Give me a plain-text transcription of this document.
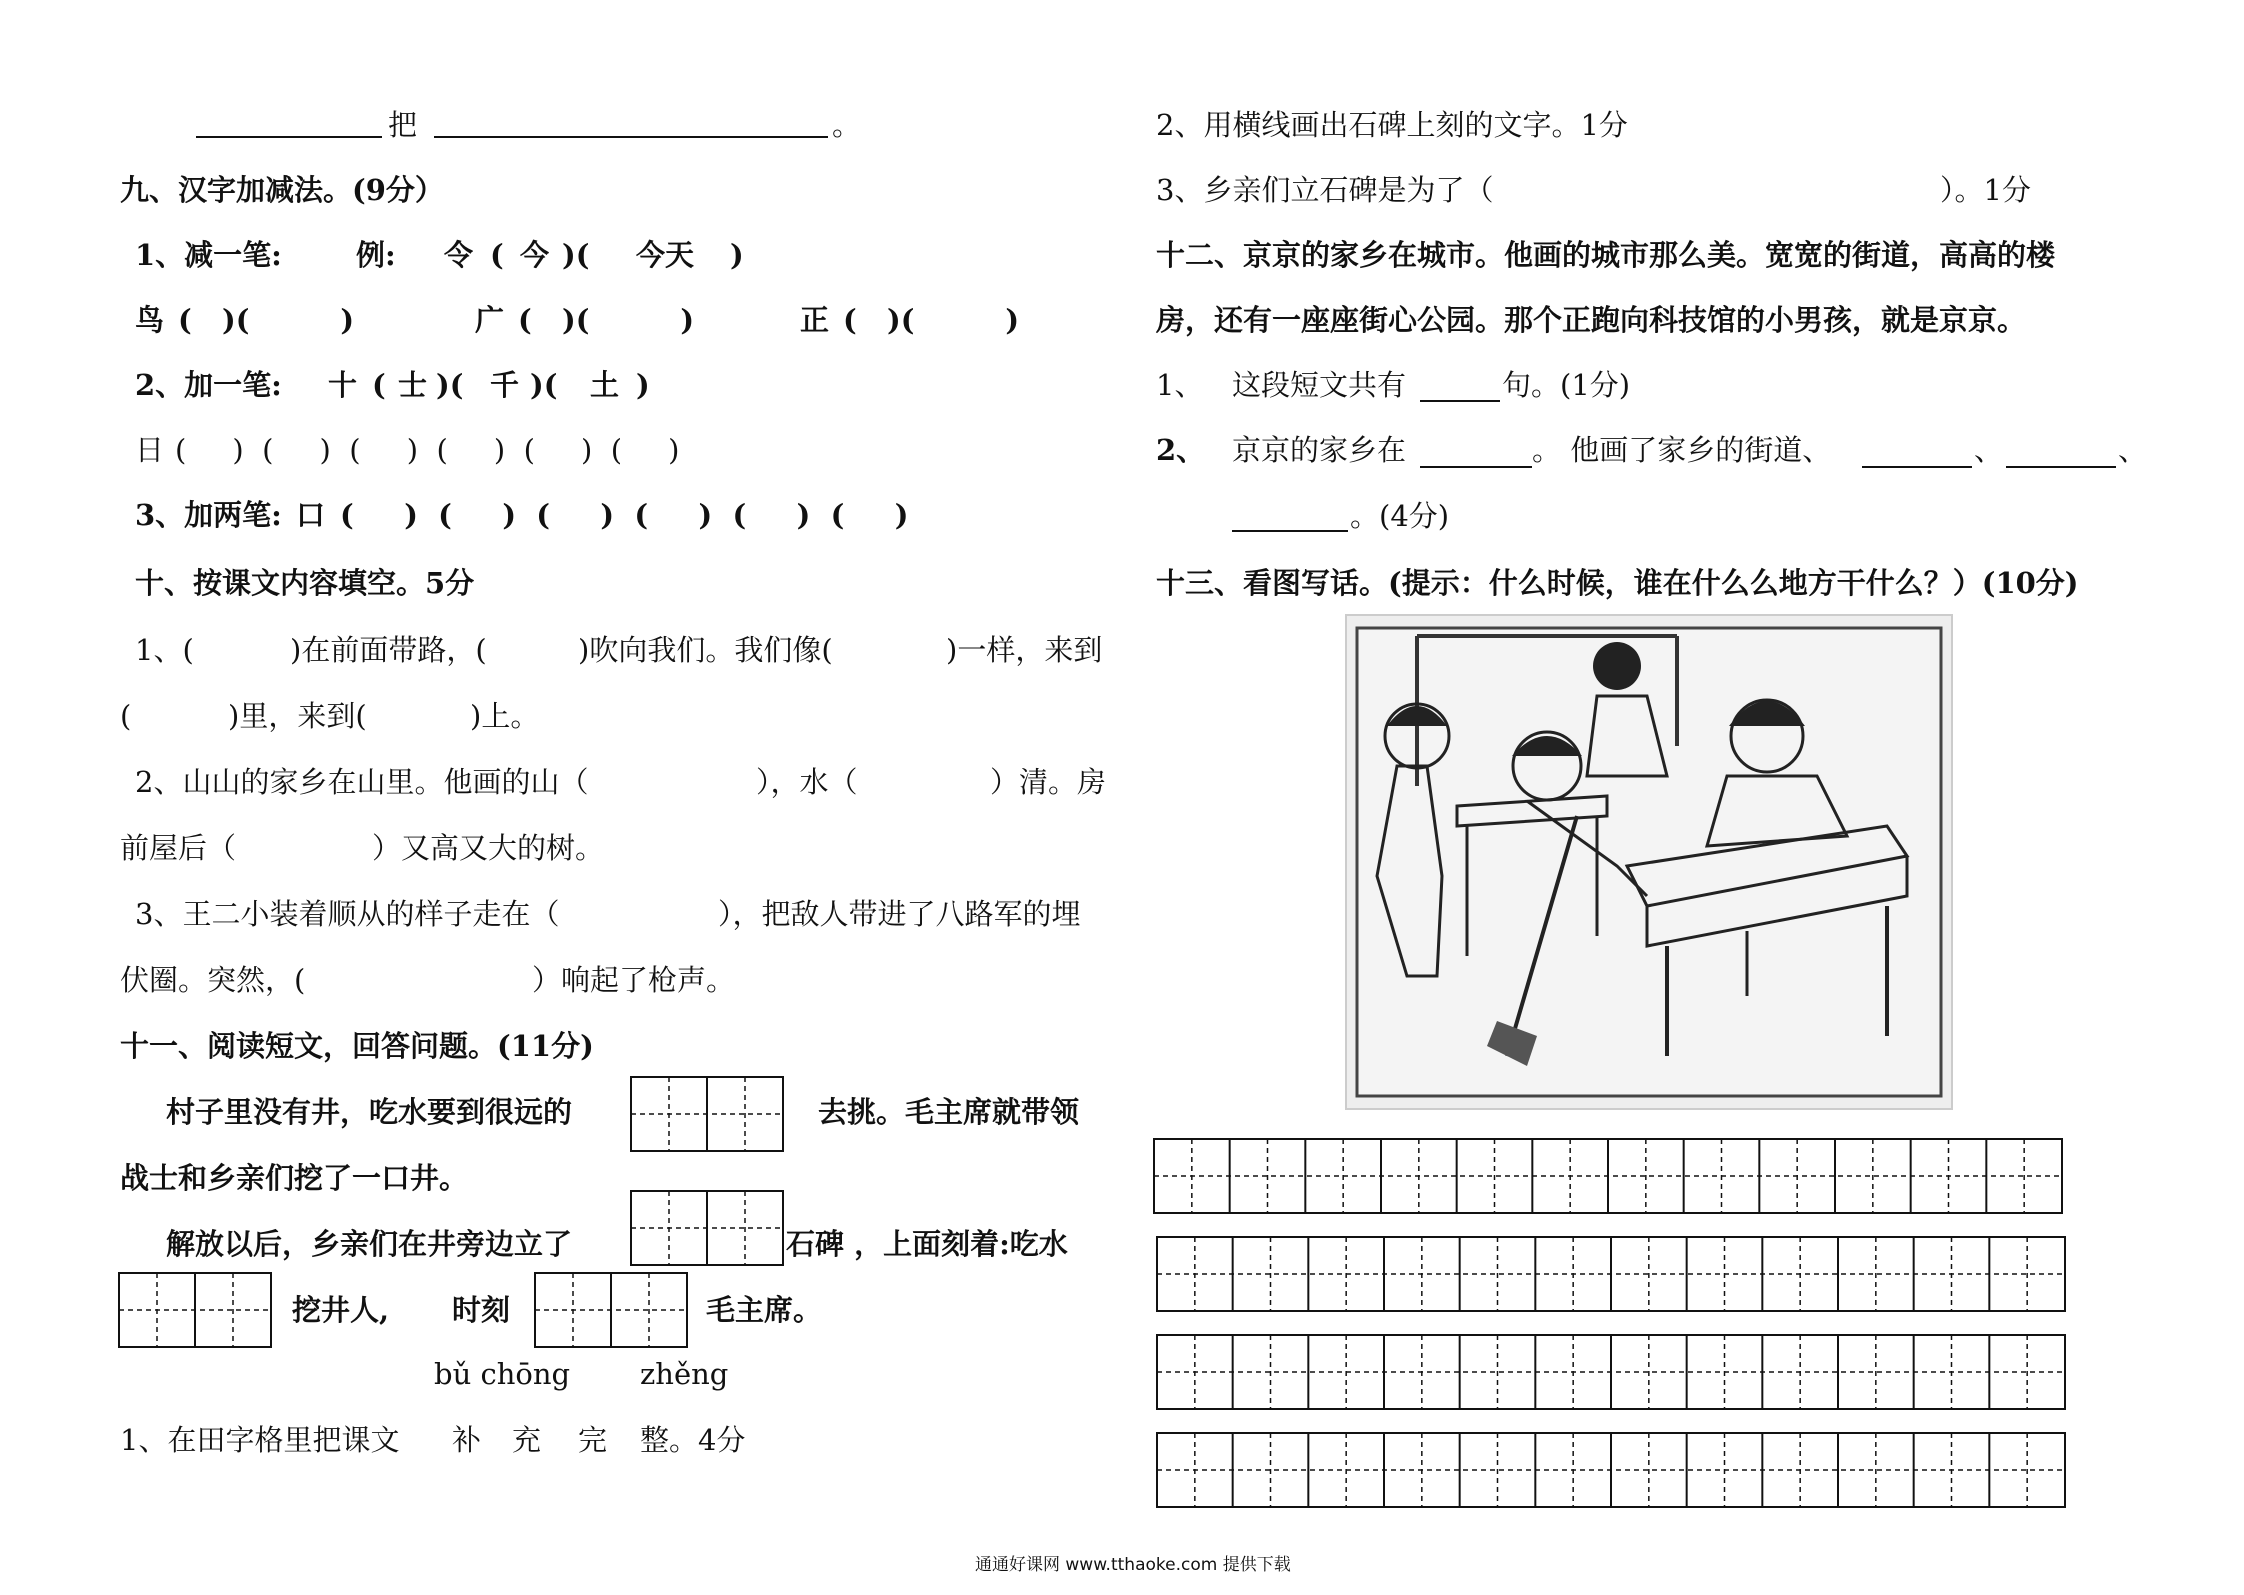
把	。
九、汉字加减法。(9分）
1、减一笔:	例: 令 ( 今 )( 今天 )
鸟 (   )(         )	广 (   )(         )	正 (   )(         )
2、加一笔: 十 ( 士 )( 千 )( 土 )
日 (     )  (     )  (     )  (     )  (     )  (     )
3、加两笔: 口 (     )  (     )  (     )  (     )  (     )  (     )
十、按课文内容填空。5分
1、(	)在前面带路，(	)吹向我们。我们像(	)一样，来到
(	)里，来到(	)上。
2、山山的家乡在山里。他画的山（	），水（	）清。房
前屋后（	）又高又大的树。
3、王二小装着顺从的样子走在（	），把敌人带进了八路军的埋
伏圈。突然，(	）响起了枪声。
十一、阅读短文，回答问题。(11分)
村子里没有井，吃水要到很远的	去挑。毛主席就带领
战士和乡亲们挖了一口井。
解放以后，乡亲们在井旁边立了	石碑 ，上面刻着:吃水
挖井人, 时刻	毛主席。
bǔ chōng zhěng
1、在田字格里把课文 补 充 完 整。4分
2、用横线画出石碑上刻的文字。1分
3、乡亲们立石碑是为了（	）。1分
十二、京京的家乡在城市。他画的城市那么美。宽宽的街道，高高的楼
房，还有一座座街心公园。那个正跑向科技馆的小男孩，就是京京。
1、 这段短文共有	句。(1分)
2、 京京的家乡在	。 他画了家乡的街道、	、	、
。(4分)
十三、看图写话。(提示：什么时候，谁在什么么地方干什么？）(10分)
通通好课网 www.tthaoke.com 提供下载
